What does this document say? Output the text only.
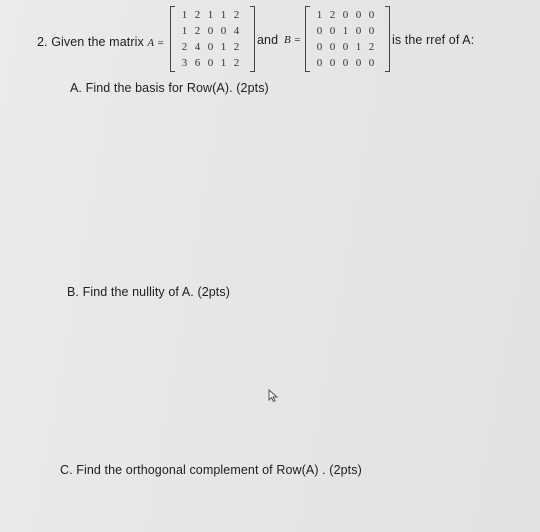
2. Given the matrix A =
1 2 1 1 2
1 2 0 0 4
2 4 0 1 2
3 6 0 1 2
and B =
1 2 0 0 0
0 0 1 0 0
0 0 0 1 2
0 0 0 0 0
is the rref of A:
A. Find the basis for Row(A). (2pts)
B. Find the nullity of A. (2pts)
C. Find the orthogonal complement of Row(A) . (2pts)
